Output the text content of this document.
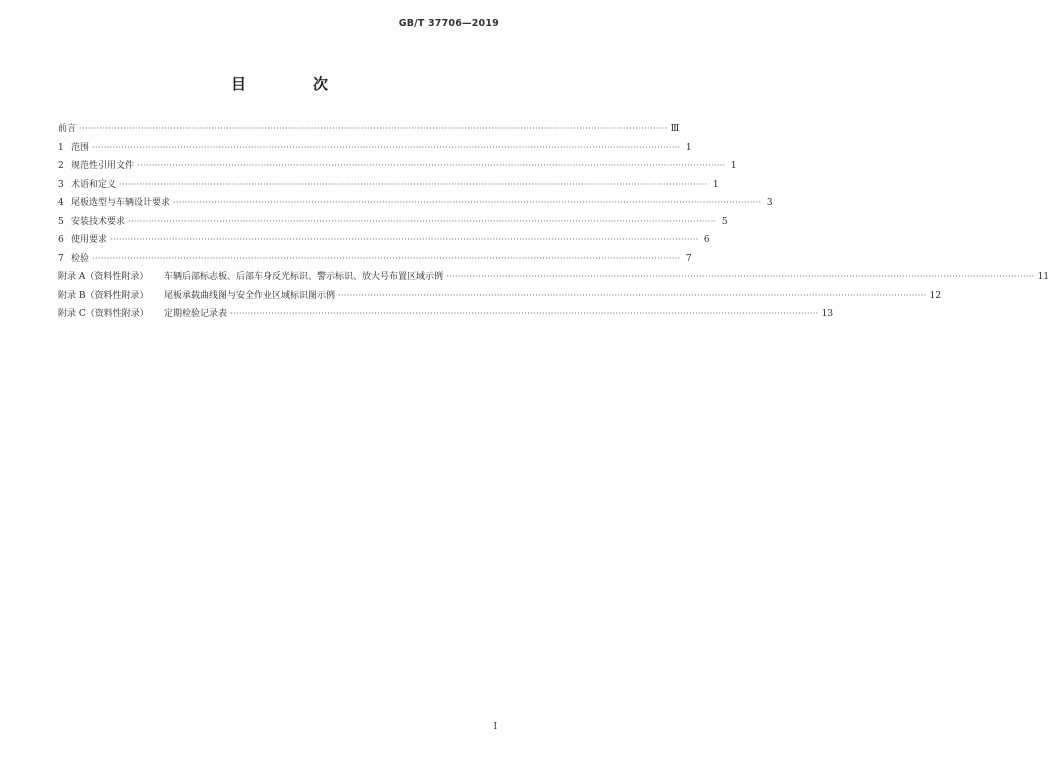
GB/T 37706—2019
目　次
前言 ········································································································································································································ Ⅲ
1 范围 ········································································································································································································ 1
2 规范性引用文件 ········································································································································································································ 1
3 术语和定义 ········································································································································································································ 1
4 尾板选型与车辆设计要求 ········································································································································································································ 3
5 安装技术要求 ········································································································································································································ 5
6 使用要求 ········································································································································································································ 6
7 检验 ········································································································································································································ 7
附录 A（资料性附录）	车辆后部标志板、后部车身反光标识、警示标识、放大号布置区域示例 ········································································································································································································ 11
附录 B（资料性附录）	尾板承载曲线图与安全作业区域标识图示例 ········································································································································································································ 12
附录 C（资料性附录）	定期检验记录表 ········································································································································································································ 13
I
